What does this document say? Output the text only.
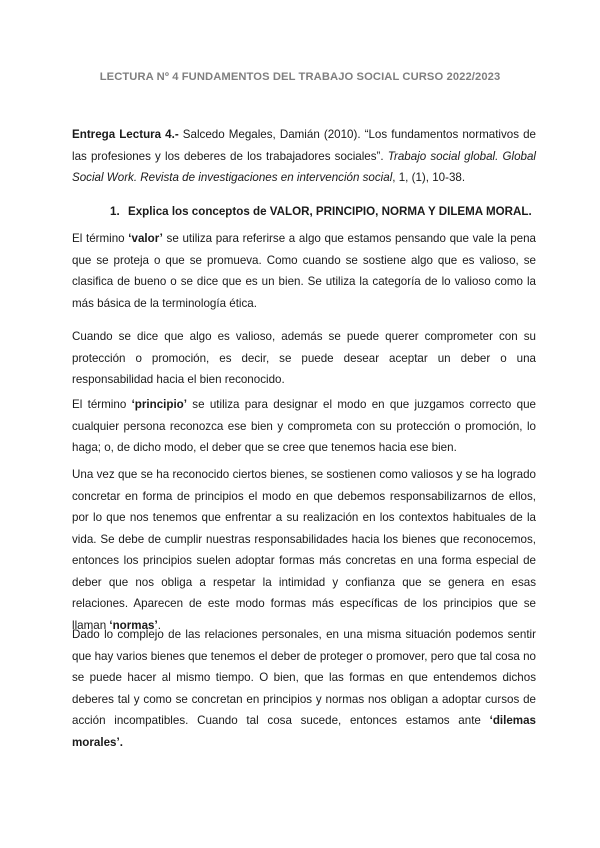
LECTURA Nº 4 FUNDAMENTOS DEL TRABAJO SOCIAL CURSO 2022/2023
Entrega Lectura 4.- Salcedo Megales, Damián (2010). “Los fundamentos normativos de las profesiones y los deberes de los trabajadores sociales”. Trabajo social global. Global Social Work. Revista de investigaciones en intervención social, 1, (1), 10-38.
1. Explica los conceptos de VALOR, PRINCIPIO, NORMA Y DILEMA MORAL.

El término ‘valor’ se utiliza para referirse a algo que estamos pensando que vale la pena que se proteja o que se promueva. Como cuando se sostiene algo que es valioso, se clasifica de bueno o se dice que es un bien. Se utiliza la categoría de lo valioso como la más básica de la terminología ética.

Cuando se dice que algo es valioso, además se puede querer comprometer con su protección o promoción, es decir, se puede desear aceptar un deber o una responsabilidad hacia el bien reconocido.

El término ‘principio’ se utiliza para designar el modo en que juzgamos correcto que cualquier persona reconozca ese bien y comprometa con su protección o promoción, lo haga; o, de dicho modo, el deber que se cree que tenemos hacia ese bien.

Una vez que se ha reconocido ciertos bienes, se sostienen como valiosos y se ha logrado concretar en forma de principios el modo en que debemos responsabilizarnos de ellos, por lo que nos tenemos que enfrentar a su realización en los contextos habituales de la vida. Se debe de cumplir nuestras responsabilidades hacia los bienes que reconocemos, entonces los principios suelen adoptar formas más concretas en una forma especial de deber que nos obliga a respetar la intimidad y confianza que se genera en esas relaciones. Aparecen de este modo formas más específicas de los principios que se llaman ‘normas’.

Dado lo complejo de las relaciones personales, en una misma situación podemos sentir que hay varios bienes que tenemos el deber de proteger o promover, pero que tal cosa no se puede hacer al mismo tiempo. O bien, que las formas en que entendemos dichos deberes tal y como se concretan en principios y normas nos obligan a adoptar cursos de acción incompatibles. Cuando tal cosa sucede, entonces estamos ante ‘dilemas morales’.
